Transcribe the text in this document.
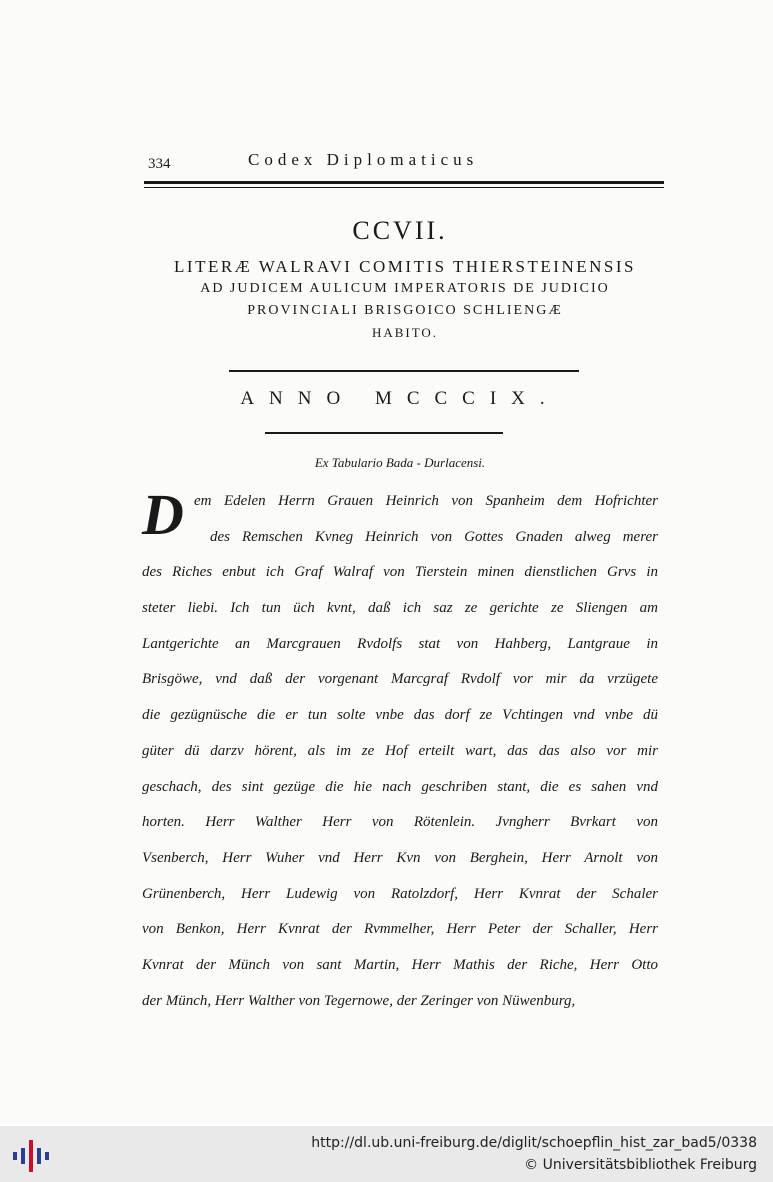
334	Codex Diplomaticus
CCVII.
LITERÆ WALRAVI COMITIS THIERSTEINENSIS
AD JUDICEM AULICUM IMPERATORIS DE JUDICIO
PROVINCIALI BRISGOICO SCHLIENGÆ
HABITO.
ANNO MCCCIX.
Ex Tabulario Bada - Durlacensi.
D em Edelen Herrn Grauen Heinrich von Spanheim dem Hofrichter
des Remschen Kvneg Heinrich von Gottes Gnaden alweg merer
des Riches enbut ich Graf Walraf von Tierstein minen dienstlichen Grvs in
steter liebi. Ich tun üch kvnt, daß ich saz ze gerichte ze Sliengen am
Lantgerichte an Marcgrauen Rvdolfs stat von Hahberg, Lantgraue in
Brisgöwe, vnd daß der vorgenant Marcgraf Rvdolf vor mir da vrzügete
die gezügnüsche die er tun solte vnbe das dorf ze Vchtingen vnd vnbe dü
güter dü darzv hörent, als im ze Hof erteilt wart, das das also vor mir
geschach, des sint gezüge die hie nach geschriben stant, die es sahen vnd
horten. Herr Walther Herr von Rötenlein. Jvngherr Bvrkart von
Vsenberch, Herr Wuher vnd Herr Kvn von Berghein, Herr Arnolt von
Grünenberch, Herr Ludewig von Ratolzdorf, Herr Kvnrat der Schaler
von Benkon, Herr Kvnrat der Rvmmelher, Herr Peter der Schaller, Herr
Kvnrat der Münch von sant Martin, Herr Mathis der Riche, Herr Otto
der Münch, Herr Walther von Tegernowe, der Zeringer von Nüwenburg,
http://dl.ub.uni-freiburg.de/diglit/schoepflin_hist_zar_bad5/0338
© Universitätsbibliothek Freiburg
